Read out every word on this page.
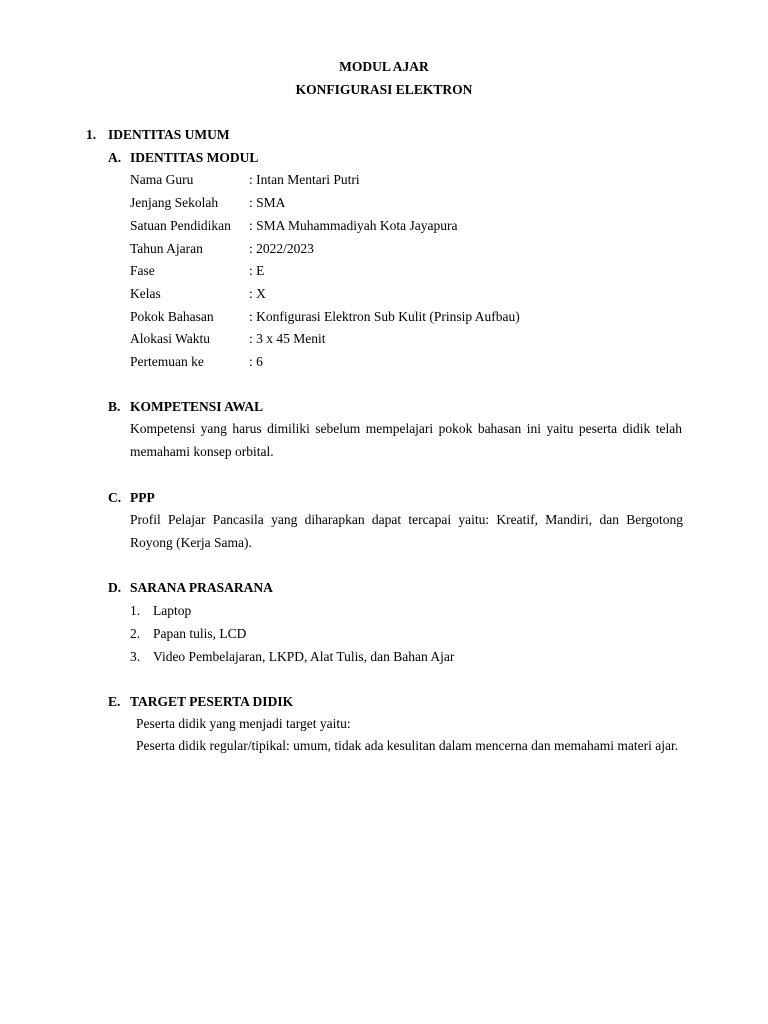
MODUL AJAR
KONFIGURASI ELEKTRON
1. IDENTITAS UMUM
A. IDENTITAS MODUL
Nama Guru	: Intan Mentari Putri
Jenjang Sekolah : SMA
Satuan Pendidikan : SMA Muhammadiyah Kota Jayapura
Tahun Ajaran	: 2022/2023
Fase	: E
Kelas	: X
Pokok Bahasan	: Konfigurasi Elektron Sub Kulit (Prinsip Aufbau)
Alokasi Waktu	: 3 x 45 Menit
Pertemuan ke	: 6
B. KOMPETENSI AWAL
Kompetensi yang harus dimiliki sebelum mempelajari pokok bahasan ini yaitu peserta didik telah memahami konsep orbital.
C. PPP
Profil Pelajar Pancasila yang diharapkan dapat tercapai yaitu: Kreatif, Mandiri, dan Bergotong Royong (Kerja Sama).
D. SARANA PRASARANA
1. Laptop
2. Papan tulis, LCD
3. Video Pembelajaran, LKPD, Alat Tulis, dan Bahan Ajar
E. TARGET PESERTA DIDIK
Peserta didik yang menjadi target yaitu:
Peserta didik regular/tipikal: umum, tidak ada kesulitan dalam mencerna dan memahami materi ajar.
